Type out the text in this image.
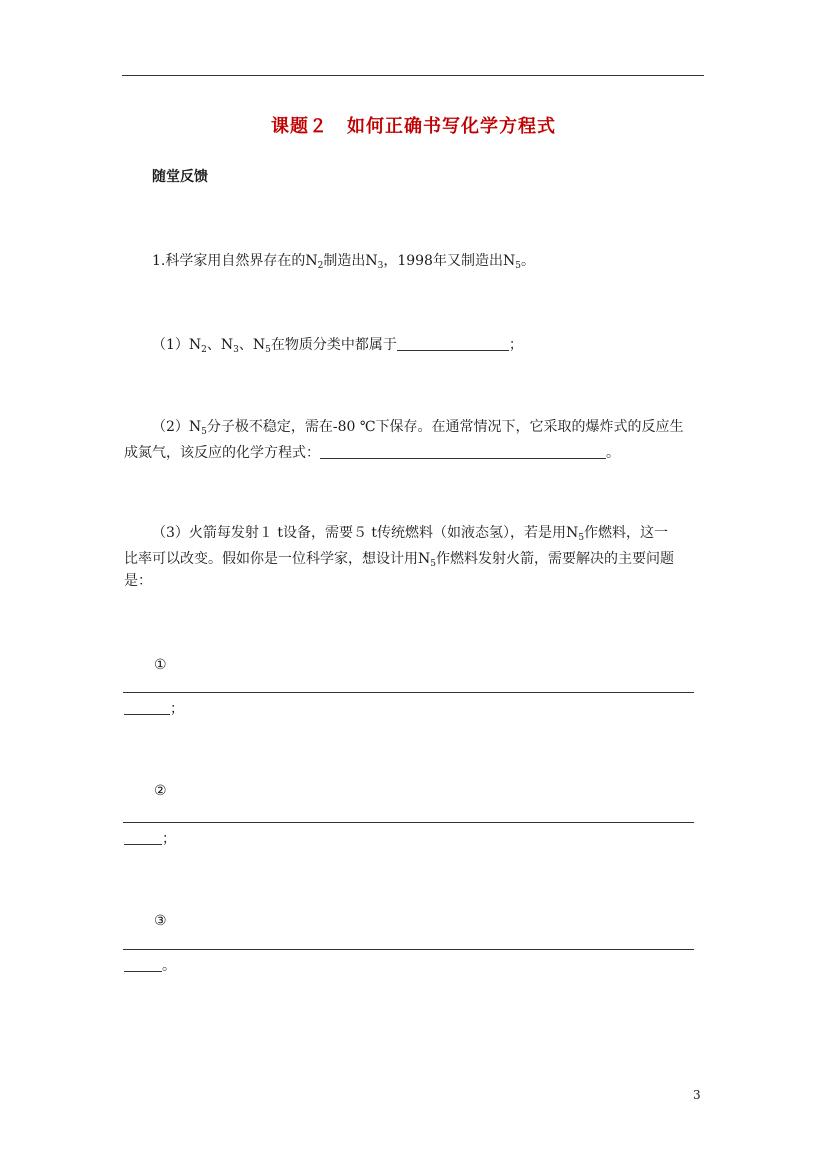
课题２　如何正确书写化学方程式
随堂反馈
1.科学家用自然界存在的$N_2$制造出$N_3$，1998年又制造出$N_5$。
$(1)N_2$、$N_3$、$N_5$在物质分类中都属于	；
$(2)N_5$分子极不稳定，需在-80 ℃下保存。在通常情况下，它采取的爆炸式的反应生
成氮气，该反应的化学方程式：	。
（3）火箭每发射１ t设备，需要５ t传统燃料（如液态氢），若是用$N_5$作燃料，这一
比率可以改变。假如你是一位科学家，想设计用$N_5$作燃料发射火箭，需要解决的主要问题
是：
①
；
②
；
③
。
3
